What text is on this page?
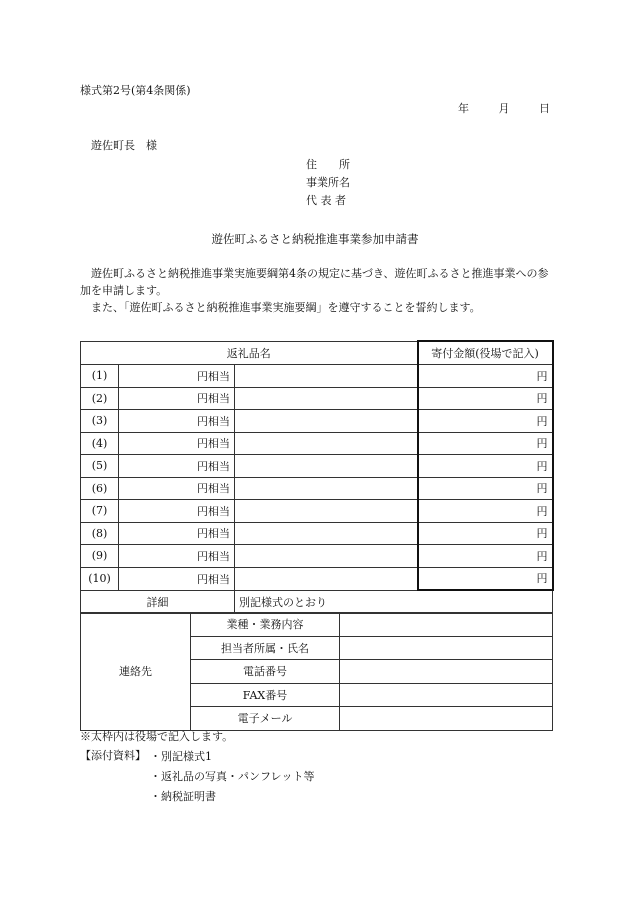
様式第2号(第4条関係)
年	月	日
遊佐町長　様
住　　所
事業所名
代 表 者
遊佐町ふるさと納税推進事業参加申請書

遊佐町ふるさと納税推進事業実施要綱第4条の規定に基づき、遊佐町ふるさと推進事業への参加を申請します。

また、「遊佐町ふるさと納税推進事業実施要綱」を遵守することを誓約します。

返礼品名			寄付金額(役場で記入)
(1)	円相当		円
(2)	円相当		円
(3)	円相当		円
(4)	円相当		円
(5)	円相当		円
(6)	円相当		円
(7)	円相当		円
(8)	円相当		円
(9)	円相当		円
(10)	円相当		円
詳細		別記様式のとおり	
連絡先	業種・業務内容	
	担当者所属・氏名	
	電話番号	
	FAX番号	
	電子メール	
※太枠内は役場で記入します。
【添付資料】	・ 別記様式1
・ 返礼品の写真・パンフレット等
・ 納税証明書
